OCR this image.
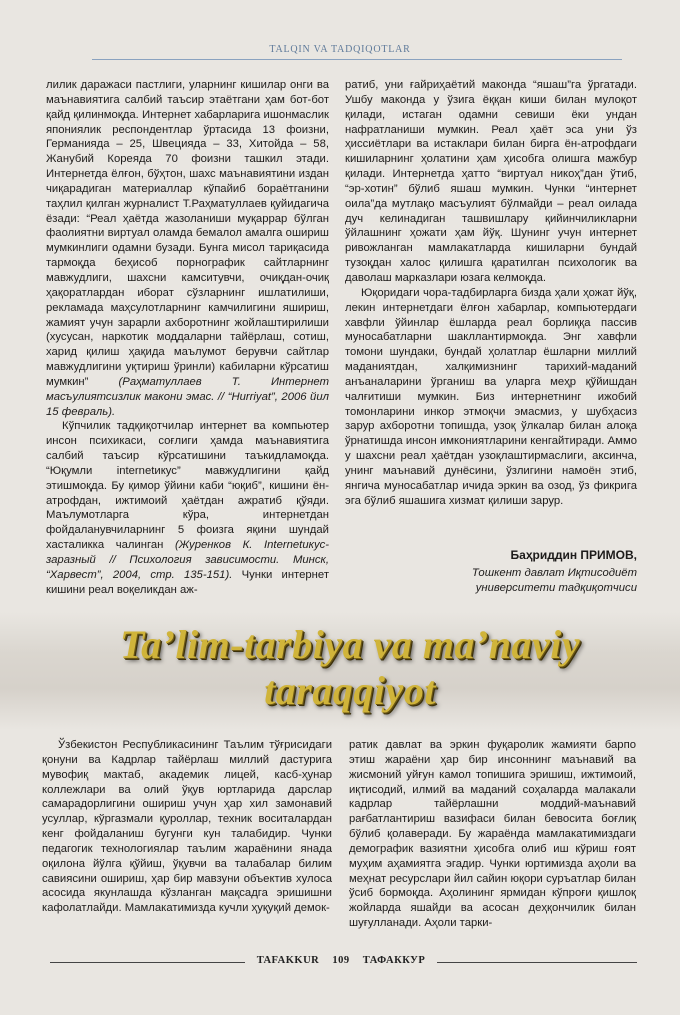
TALQIN VA TADQIQOTLAR

лилик даражаси пастлиги, уларнинг кишилар онги ва маънавиятига салбий таъсир этаётгани ҳам бот-бот қайд қилинмоқда. Интернет хабарларига ишонмаслик япониялик респондентлар ўртасида 13 фоизни, Германияда – 25, Швецияда – 33, Хитойда – 58, Жанубий Кореяда 70 фоизни ташкил этади. Интернетда ёлғон, бўҳтон, шахс маънавиятини издан чиқарадиган материаллар кўпайиб бораётганини таҳлил қилган журналист Т.Раҳматуллаев қуйидагича ёзади: “Реал ҳаётда жазоланиши муқаррар бўлган фаолиятни виртуал оламда бемалол амалга ошириш мумкинлиги одамни бузади. Бунга мисол тариқасида тармоқда беҳисоб порнографик сайтларнинг мавжудлиги, шахсни камситувчи, очиқдан-очиқ ҳақоратлардан иборат сўзларнинг ишлатилиши, рекламада маҳсулотларнинг камчилигини яшириш, жамият учун зарарли ахборотнинг жойлаштирилиши (хусусан, наркотик моддаларни тайёрлаш, сотиш, харид қилиш ҳақида маълумот берувчи сайтлар мавжудлигини уқтириш ўринли) кабиларни кўрсатиш мумкин”	(Раҳматуллаев Т. Интернет масъулиятсизлик макони эмас. // “Hurriyat”, 2006 йил 15 февраль).

Кўпчилик тадқиқотчилар интернет ва компьютер инсон психикаси, соғлиги ҳамда маънавиятига салбий таъсир кўрсатишини таъкидламоқда. “Юқумли internetикус” мавжудлигини қайд этишмоқда. Бу қимор ўйини каби “юқиб”, кишини ён-атрофдан, ижтимоий ҳаётдан ажратиб қўяди. Маълумотларга кўра, интернетдан фойдаланувчиларнинг 5 фоизга яқини шундай хасталикка чалинган (Журенков К. Internetикус-заразный // Психология зависимости. Минск, “Харвест”, 2004, стр. 135-151). Чунки интернет кишини реал воқеликдан аж-

ратиб, уни ғайриҳаётий маконда “яшаш”га ўргатади. Ушбу маконда у ўзига ёққан киши билан мулоқот қилади, истаган одамни севиши ёки ундан нафратланиши мумкин. Реал ҳаёт эса уни ўз ҳиссиётлари ва истаклари билан бирга ён-атрофдаги кишиларнинг ҳолатини ҳам ҳисобга олишга мажбур қилади. Интернетда ҳатто “виртуал никоҳ”дан ўтиб, “эр-хотин” бўлиб яшаш мумкин. Чунки “интернет оила”да мутлақо масъулият бўлмайди – реал оилада дуч келинадиган ташвишлару қийинчиликларни ўйлашнинг ҳожати ҳам йўқ. Шунинг учун интернет ривожланган мамлакатларда кишиларни бундай тузоқдан халос қилишга қаратилган психологик ва даволаш марказлари юзага келмоқда.

Юқоридаги чора-тадбирларга бизда ҳали ҳожат йўқ, лекин интернетдаги ёлғон хабарлар, компьютердаги хавфли ўйинлар ёшларда реал борлиққа пассив муносабатларни шакллантирмоқда. Энг хавфли томони шундаки, бундай ҳолатлар ёшларни миллий маданиятдан, халқимизнинг тарихий-маданий анъаналарини ўрганиш ва уларга меҳр қўйишдан чалғитиши мумкин. Биз интернетнинг ижобий томонларини инкор этмоқчи эмасмиз, у шубҳасиз зарур ахборотни топишда, узоқ ўлкалар билан алоқа ўрнатишда инсон имкониятларини кенгайтиради. Аммо у шахсни реал ҳаётдан узоқлаштирмаслиги, аксинча, унинг маънавий дунёсини, ўзлигини намоён этиб, янгича муносабатлар ичида эркин ва озод, ўз фикрига эга бўлиб яшашига хизмат қилиши зарур.

Баҳриддин ПРИМОВ,
Тошкент давлат Иқтисодиёт
университети тадқиқотчиси
Ta’lim-tarbiya va ma’naviy
taraqqiyot

Ўзбекистон Республикасининг Таълим тўғрисидаги қонуни ва Кадрлар тайёрлаш миллий дастурига мувофиқ мактаб, академик лицей, касб-ҳунар коллежлари ва олий ўқув юртларида дарслар самарадорлигини ошириш учун ҳар хил замонавий усуллар, кўргазмали қуроллар, техник воситалардан кенг фойдаланиш бугунги кун талабидир. Чунки педагогик технологиялар таълим жараёнини янада оқилона йўлга қўйиш, ўқувчи ва талабалар билим савиясини ошириш, ҳар бир мавзуни объектив хулоса асосида якунлашда кўзланган мақсадга эришишни кафолатлайди. Мамлакатимизда кучли ҳуқуқий демок-

ратик давлат ва эркин фуқаролик жамияти барпо этиш жараёни ҳар бир инсоннинг маънавий ва жисмоний уйғун камол топишига эришиш, ижтимоий, иқтисодий, илмий ва маданий соҳаларда малакали кадрлар тайёрлашни моддий-маънавий рағбатлантириш вазифаси билан бевосита боғлиқ бўлиб қолаверади. Бу жараёнда мамлакатимиздаги демографик вазиятни ҳисобга олиб иш кўриш ғоят муҳим аҳамиятга эгадир. Чунки юртимизда аҳоли ва меҳнат ресурслари йил сайин юқори суръатлар билан ўсиб бормоқда. Аҳолининг ярмидан кўпроғи қишлоқ жойларда яшайди ва асосан деҳқончилик билан шуғулланади. Аҳоли тарки-

TAFAKKUR 109 ТАФАККУР
